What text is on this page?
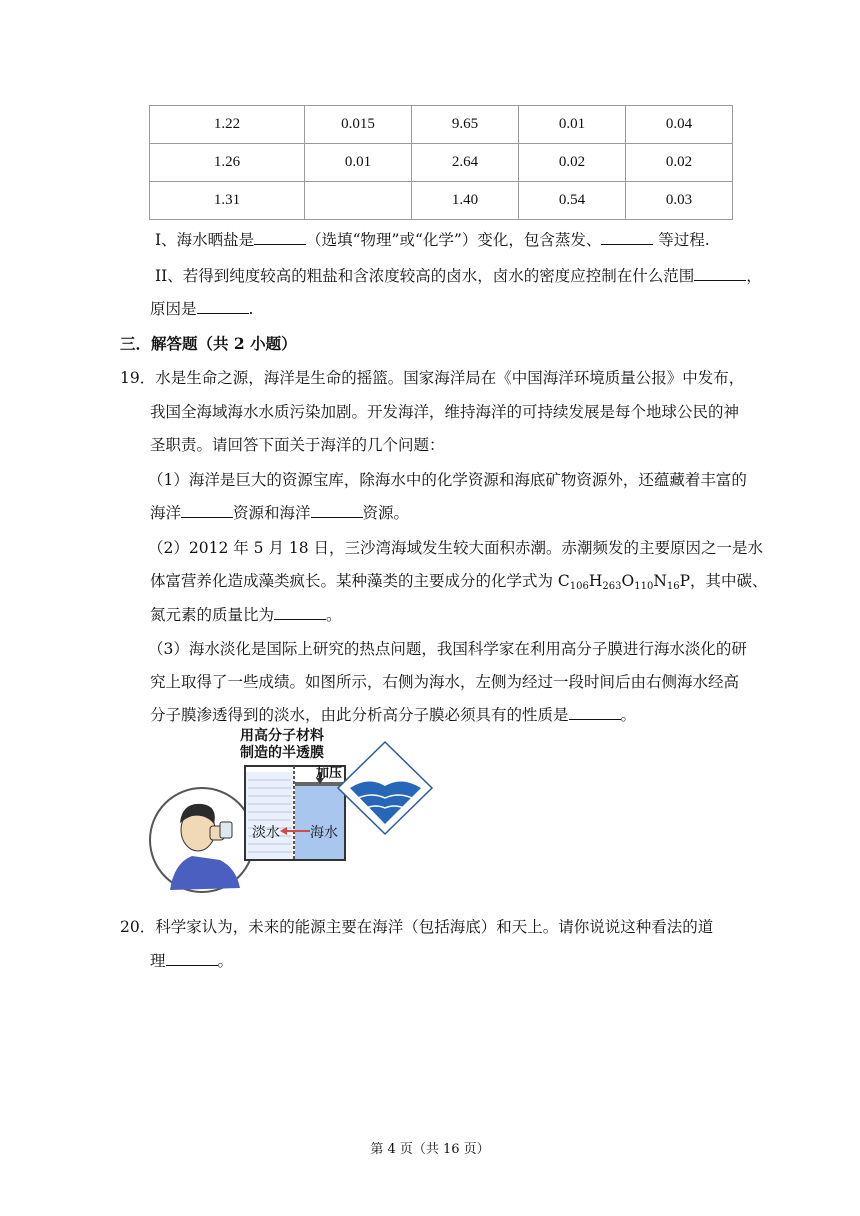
1.22	0.015	9.65	0.01	0.04
1.26	0.01	2.64	0.02	0.02
1.31		1.40	0.54	0.03
I、海水晒盐是	（选填“物理”或“化学”）变化，包含蒸发、	等过程.
II、若得到纯度较高的粗盐和含浓度较高的卤水，卤水的密度应控制在什么范围	，
原因是	.
三．解答题（共 2 小题）
19．水是生命之源，海洋是生命的摇篮。国家海洋局在《中国海洋环境质量公报》中发布，
我国全海域海水水质污染加剧。开发海洋，维持海洋的可持续发展是每个地球公民的神
圣职责。请回答下面关于海洋的几个问题：
（1）海洋是巨大的资源宝库，除海水中的化学资源和海底矿物资源外，还蕴藏着丰富的
海洋	资源和海洋	资源。
（2）2012 年 5 月 18 日，三沙湾海域发生较大面积赤潮。赤潮频发的主要原因之一是水
体富营养化造成藻类疯长。某种藻类的主要成分的化学式为 $C_{106}H_{263}O_{110}N_{16}P$，其中碳、
氮元素的质量比为	。
（3）海水淡化是国际上研究的热点问题，我国科学家在利用高分子膜进行海水淡化的研
究上取得了一些成绩。如图所示，右侧为海水，左侧为经过一段时间后由右侧海水经高
分子膜渗透得到的淡水，由此分析高分子膜必须具有的性质是	。
用高分子材料
制造的半透膜
加压
淡水 海水
20．科学家认为，未来的能源主要在海洋（包括海底）和天上。请你说说这种看法的道
理	。
第 4 页（共 16 页）
